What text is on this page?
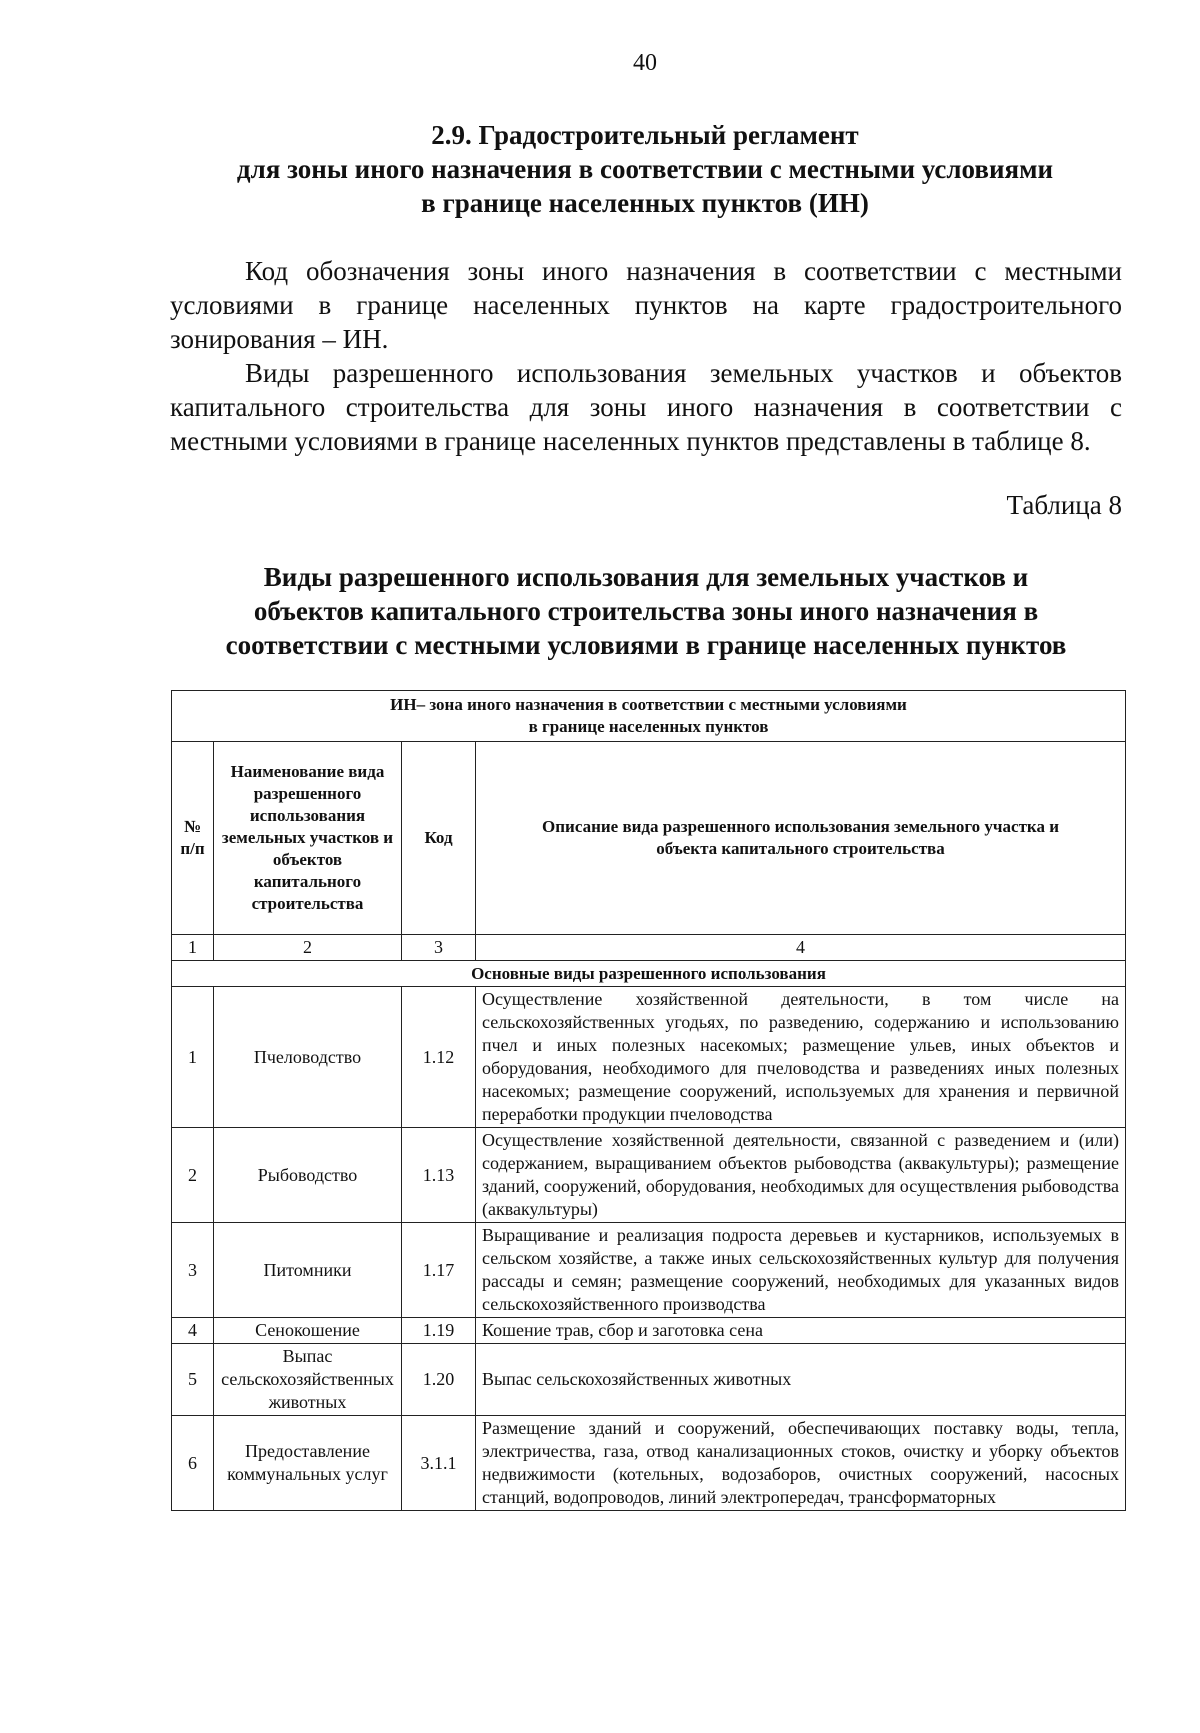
40
2.9. Градостроительный регламент
для зоны иного назначения в соответствии с местными условиями
в границе населенных пунктов (ИН)

Код обозначения зоны иного назначения в соответствии с местными условиями в границе населенных пунктов на карте градостроительного зонирования – ИН.

Виды разрешенного использования земельных участков и объектов капитального строительства для зоны иного назначения в соответствии с местными условиями в границе населенных пунктов представлены в таблице 8.

Таблица 8
Виды разрешенного использования для земельных участков и
объектов капитального строительства зоны иного назначения в
соответствии с местными условиями в границе населенных пунктов
ИН– зона иного назначения в соответствии с местными условиями
в границе населенных пунктов			

№ п/п	Наименование вида разрешенного использования земельных участков и объектов капитального строительства	Код	Описание вида разрешенного использования земельного участка и объекта капитального строительства
1	2	3	4
Основные виды разрешенного использования			
1	Пчеловодство	1.12	Осуществление хозяйственной деятельности, в том числе на сельскохозяйственных угодьях, по разведению, содержанию и использованию пчел и иных полезных насекомых; размещение ульев, иных объектов и оборудования, необходимого для пчеловодства и разведениях иных полезных насекомых; размещение сооружений, используемых для хранения и первичной переработки продукции пчеловодства
2	Рыбоводство	1.13	Осуществление хозяйственной деятельности, связанной с разведением и (или) содержанием, выращиванием объектов рыбоводства (аквакультуры); размещение зданий, сооружений, оборудования, необходимых для осуществления рыбоводства (аквакультуры)
3	Питомники	1.17	Выращивание и реализация подроста деревьев и кустарников, используемых в сельском хозяйстве, а также иных сельскохозяйственных культур для получения рассады и семян; размещение сооружений, необходимых для указанных видов сельскохозяйственного производства
4	Сенокошение	1.19	Кошение трав, сбор и заготовка сена
5	Выпас сельскохозяйственных животных	1.20	Выпас сельскохозяйственных животных
6	Предоставление коммунальных услуг	3.1.1	Размещение зданий и сооружений, обеспечивающих поставку воды, тепла, электричества, газа, отвод канализационных стоков, очистку и уборку объектов недвижимости (котельных, водозаборов, очистных сооружений, насосных станций, водопроводов, линий электропередач, трансформаторных
